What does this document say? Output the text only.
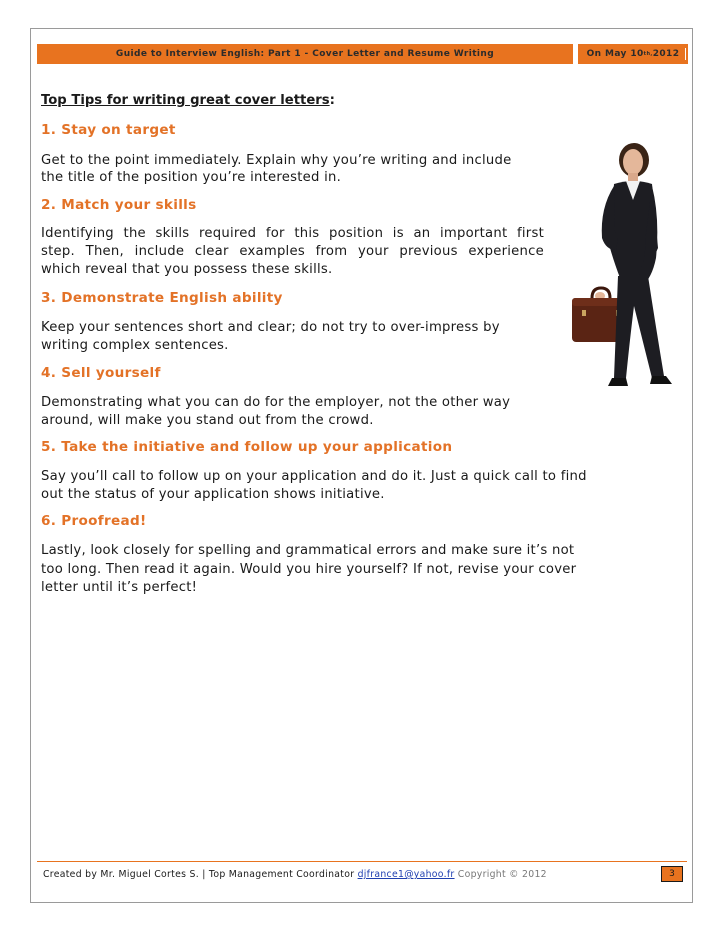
Guide to Interview English: Part 1 - Cover Letter and Resume Writing	On May 10 th, 2012
Top Tips for writing great cover letters:
1. Stay on target
Get to the point immediately. Explain why you’re writing and include
the title of the position you’re interested in.
2. Match your skills
Identifying the skills required for this position is an important first
step. Then, include clear examples from your previous experience
which reveal that you possess these skills.
3. Demonstrate English ability
Keep your sentences short and clear; do not try to over-impress by
writing complex sentences.
4. Sell yourself
Demonstrating what you can do for the employer, not the other way
around, will make you stand out from the crowd.
5. Take the initiative and follow up your application
Say you’ll call to follow up on your application and do it. Just a quick call to find
out the status of your application shows initiative.
6. Proofread!
Lastly, look closely for spelling and grammatical errors and make sure it’s not
too long. Then read it again. Would you hire yourself? If not, revise your cover
letter until it’s perfect!
Created by Mr. Miguel Cortes S. | Top Management Coordinator djfrance1@yahoo.fr Copyright © 2012	3
